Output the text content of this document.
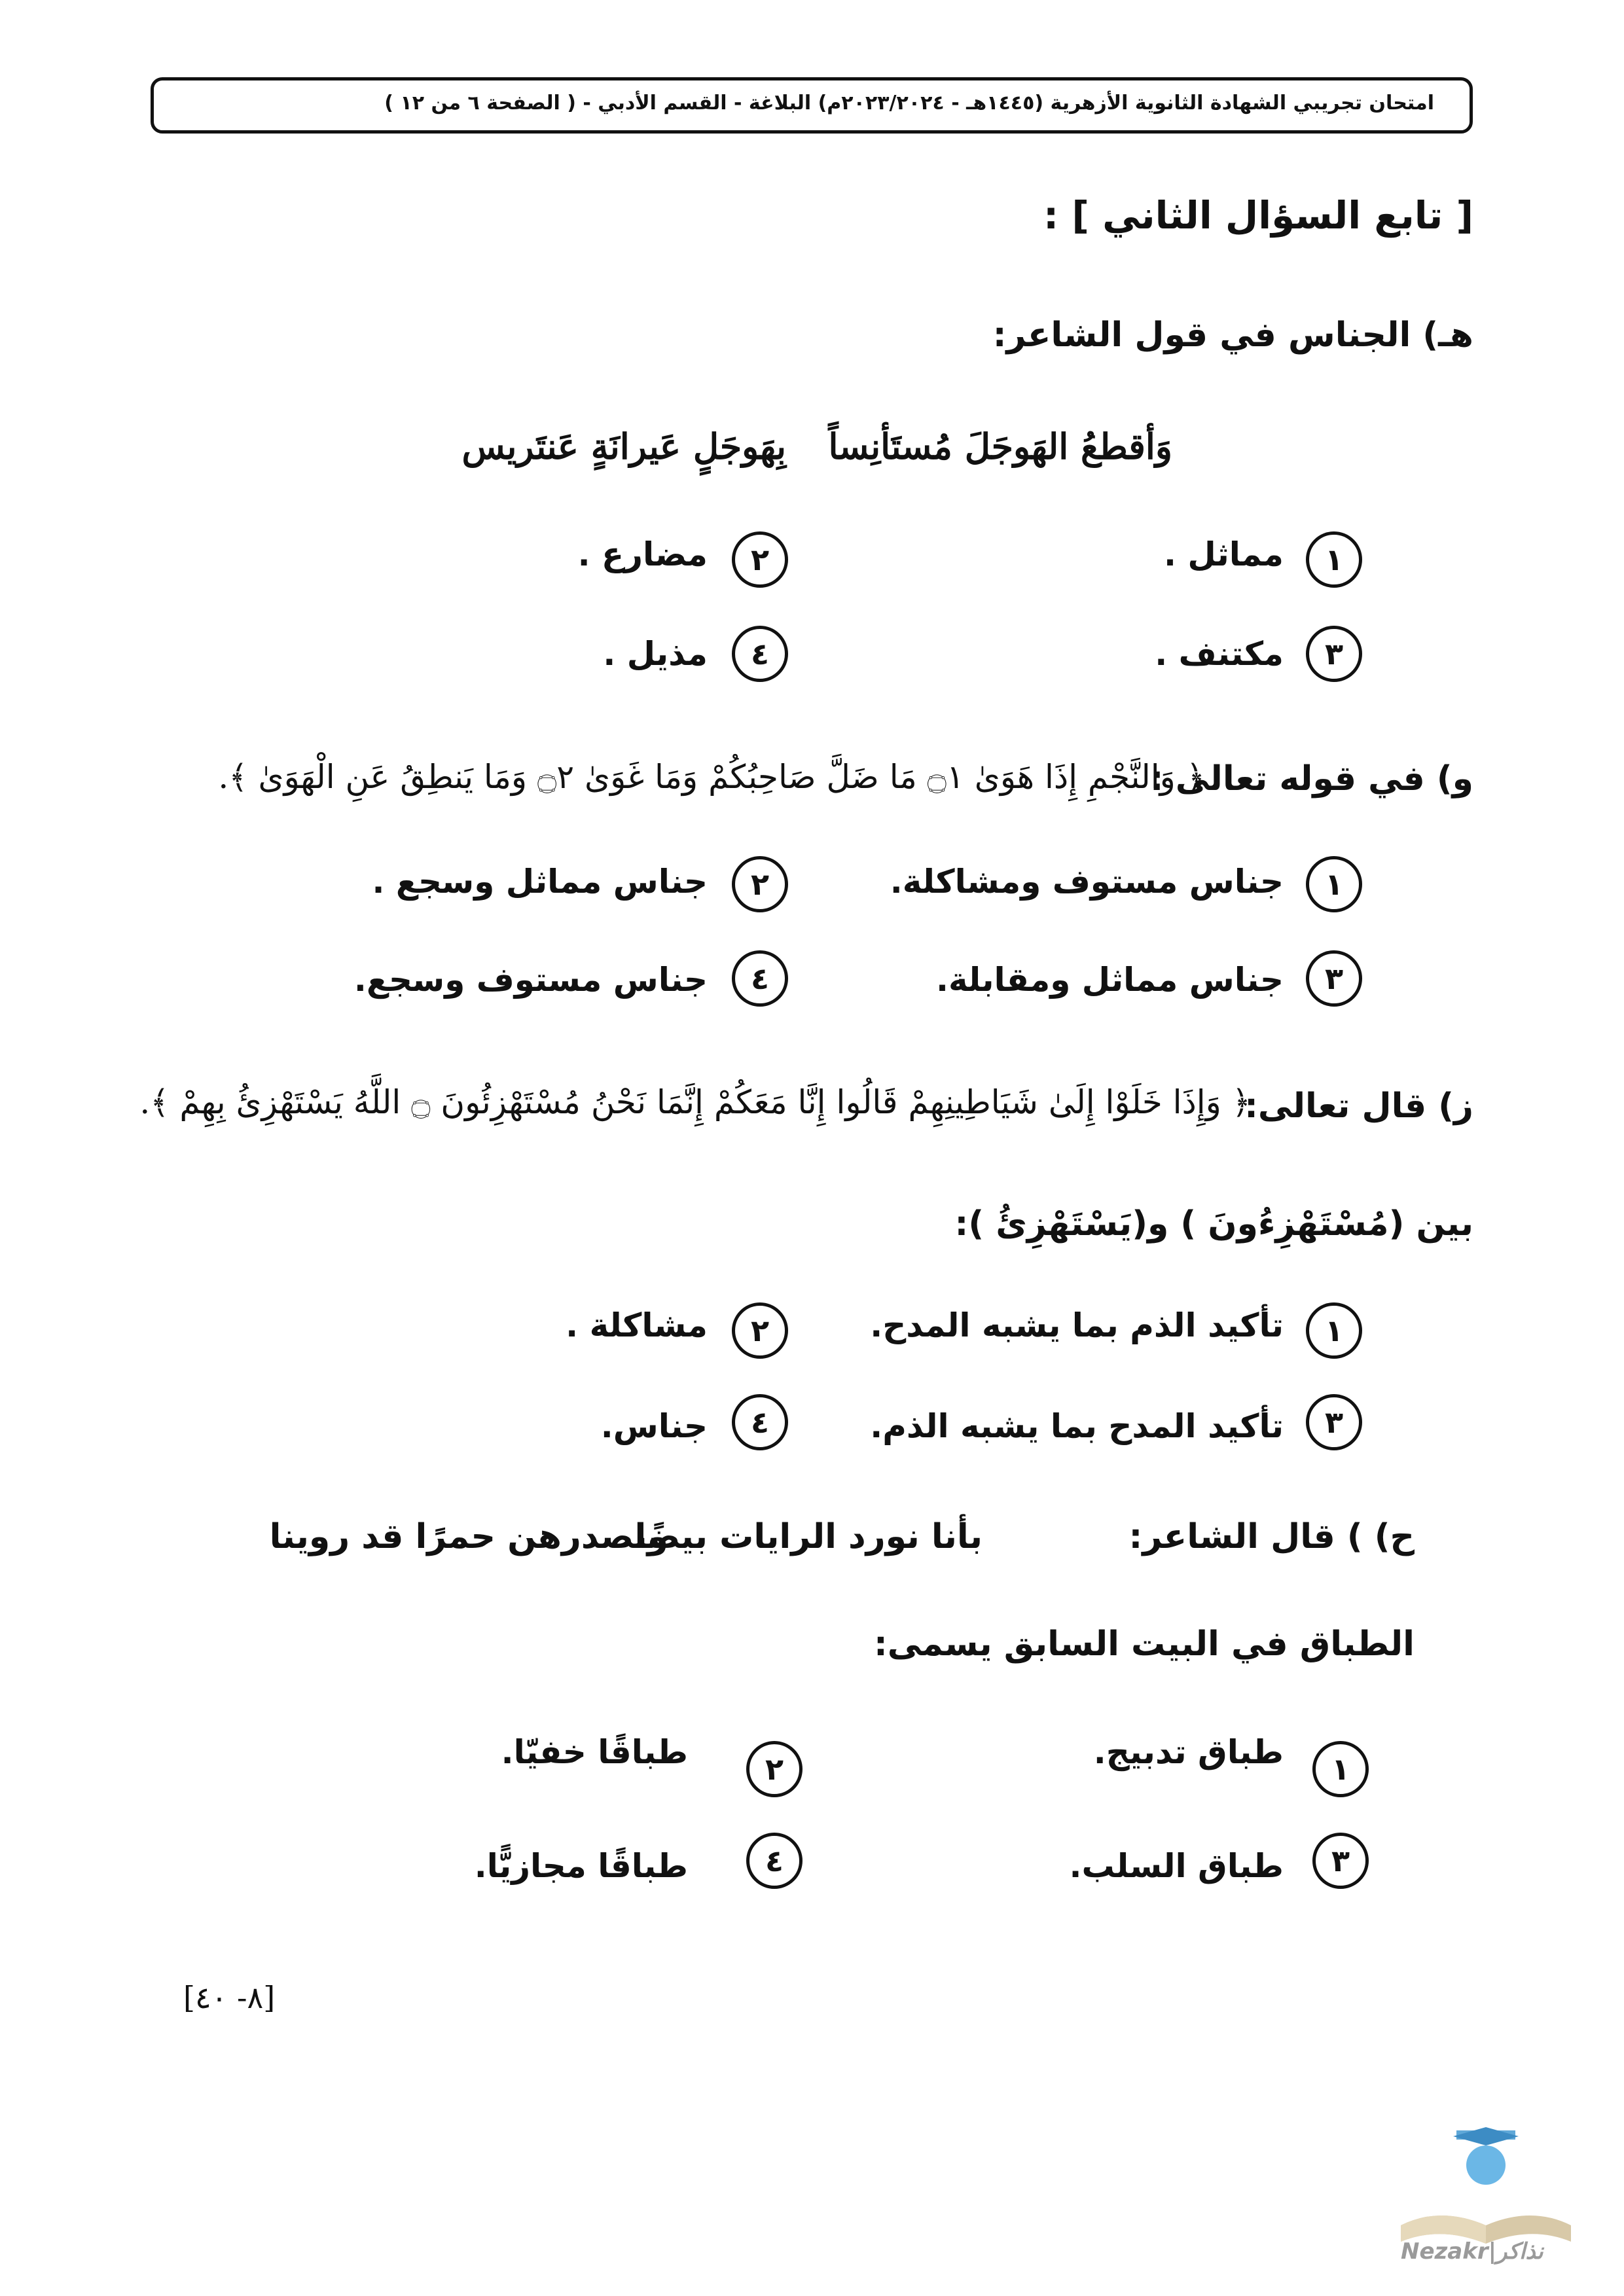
امتحان تجريبي الشهادة الثانوية الأزهرية (١٤٤٥هـ - ٢٠٢٣/٢٠٢٤م) البلاغة - القسم الأدبي - ( الصفحة ٦ من ١٢ )
[ تابع السؤال الثاني ] :
هـ) الجناس في قول الشاعر:
وَأقطعُ الهَوجَلَ مُستَأنِساً
بِهَوجَلٍ عَيرانَةٍ عَنتَريس
١
مماثل .
٢
مضارع .
٣
مكتنف .
٤
مذيل .
و) في قوله تعالى :
﴿ وَالنَّجْمِ إِذَا هَوَىٰ ۝١ مَا ضَلَّ صَاحِبُكُمْ وَمَا غَوَىٰ ۝٢ وَمَا يَنطِقُ عَنِ الْهَوَىٰ ﴾.
١
جناس مستوف ومشاكلة.
٢
جناس مماثل وسجع .
٣
جناس مماثل ومقابلة.
٤
جناس مستوف وسجع.
ز) قال تعالى:
﴿ وَإِذَا خَلَوْا إِلَىٰ شَيَاطِينِهِمْ قَالُوا إِنَّا مَعَكُمْ إِنَّمَا نَحْنُ مُسْتَهْزِئُونَ ۝ اللَّهُ يَسْتَهْزِئُ بِهِمْ ﴾.
بين (مُسْتَهْزِءُونَ ) و(يَسْتَهْزِئُ ):
١
تأكيد الذم بما يشبه المدح.
٢
مشاكلة .
٣
تأكيد المدح بما يشبه الذم.
٤
جناس.
ح) ) قال الشاعر:
بأنا نورد الرايات بيضًا
ونصدرهن حمرًا قد روينا
الطباق في البيت السابق يسمى:
١
طباق تدبيج.
٢
طباقًا خفيّا.
٣
طباق السلب.
٤
طباقًا مجازيًّا.
[٨- ٤٠]
Nezakr|نذاكر
